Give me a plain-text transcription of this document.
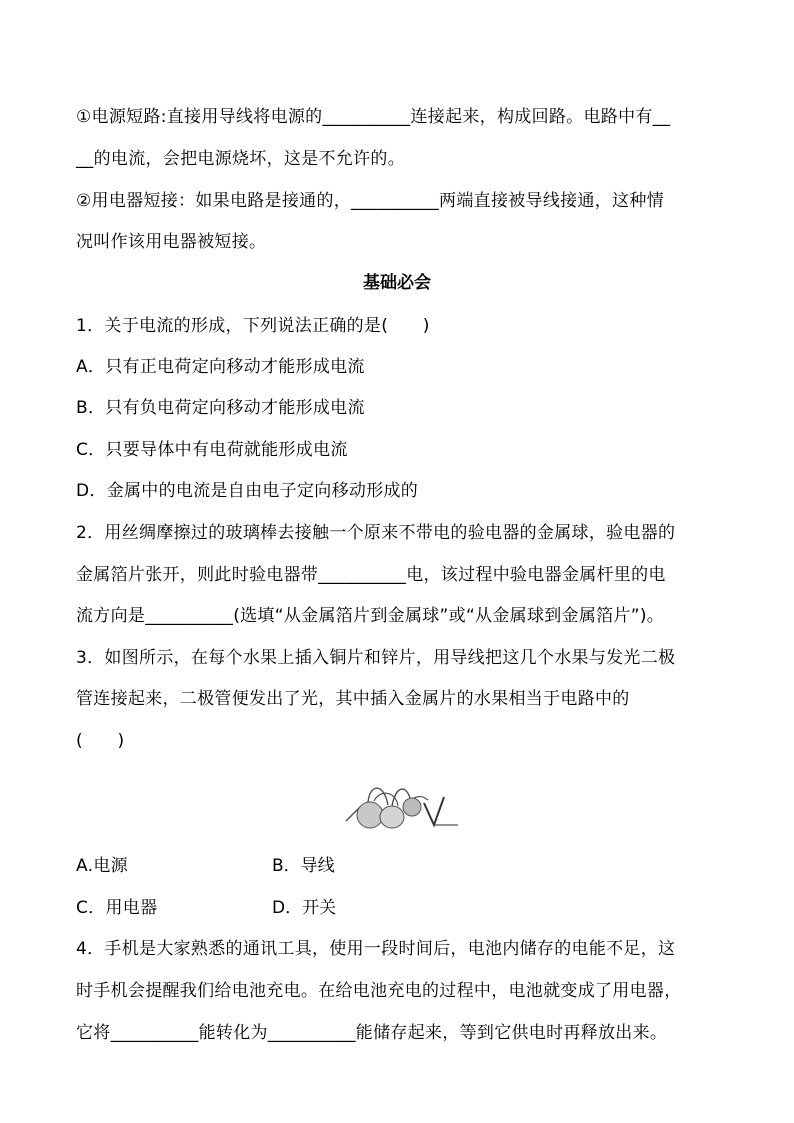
①电源短路:直接用导线将电源的__________连接起来，构成回路。电路中有__
__的电流，会把电源烧坏，这是不允许的。
②用电器短接：如果电路是接通的，__________两端直接被导线接通，这种情
况叫作该用电器被短接。
基础必会
1．关于电流的形成，下列说法正确的是(　　)
A．只有正电荷定向移动才能形成电流
B．只有负电荷定向移动才能形成电流
C．只要导体中有电荷就能形成电流
D．金属中的电流是自由电子定向移动形成的
2．用丝绸摩擦过的玻璃棒去接触一个原来不带电的验电器的金属球，验电器的
金属箔片张开，则此时验电器带__________电，该过程中验电器金属杆里的电
流方向是__________(选填“从金属箔片到金属球”或“从金属球到金属箔片”)。
3．如图所示，在每个水果上插入铜片和锌片，用导线把这几个水果与发光二极
管连接起来，二极管便发出了光，其中插入金属片的水果相当于电路中的
(　　)
A.电源	B．导线
C．用电器	D．开关
4．手机是大家熟悉的通讯工具，使用一段时间后，电池内储存的电能不足，这
时手机会提醒我们给电池充电。在给电池充电的过程中，电池就变成了用电器，
它将__________能转化为__________能储存起来，等到它供电时再释放出来。
